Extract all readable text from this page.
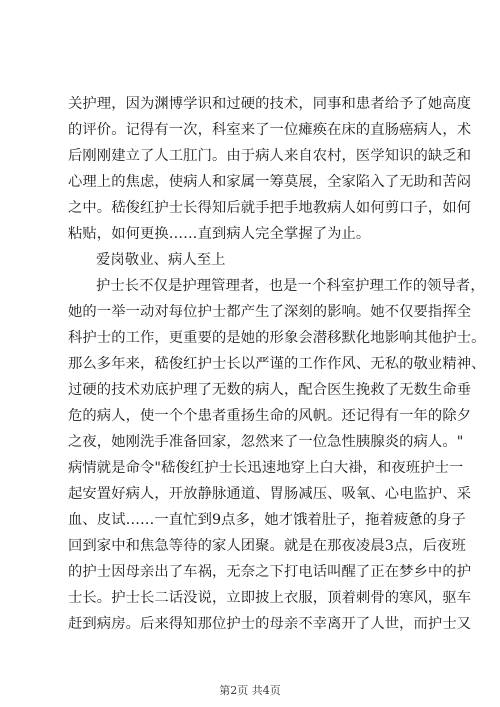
关护理，因为渊博学识和过硬的技术，同事和患者给予了她高度
的评价。记得有一次，科室来了一位瘫痪在床的直肠癌病人，术
后刚刚建立了人工肛门。由于病人来自农村，医学知识的缺乏和
心理上的焦虑，使病人和家属一筹莫展，全家陷入了无助和苦闷
之中。嵇俊红护士长得知后就手把手地教病人如何剪口子，如何
粘贴，如何更换……直到病人完全掌握了为止。
爱岗敬业、病人至上
护士长不仅是护理管理者，也是一个科室护理工作的领导者，
她的一举一动对每位护士都产生了深刻的影响。她不仅要指挥全
科护士的工作，更重要的是她的形象会潜移默化地影响其他护士。
那么多年来，嵇俊红护士长以严谨的工作作风、无私的敬业精神、
过硬的技术劝底护理了无数的病人，配合医生挽救了无数生命垂
危的病人，使一个个患者重扬生命的风帆。还记得有一年的除夕
之夜，她刚洗手准备回家，忽然来了一位急性胰腺炎的病人。"
病情就是命令"嵇俊红护士长迅速地穿上白大褂，和夜班护士一
起安置好病人，开放静脉通道、胃肠减压、吸氧、心电监护、采
血、皮试……一直忙到9点多，她才饿着肚子，拖着疲惫的身子
回到家中和焦急等待的家人团聚。就是在那夜凌晨3点，后夜班
的护士因母亲出了车祸，无奈之下打电话叫醒了正在梦乡中的护
士长。护士长二话没说，立即披上衣服，顶着刺骨的寒风，驱车
赶到病房。后来得知那位护士的母亲不幸离开了人世，而护士又
第2页 共4页
